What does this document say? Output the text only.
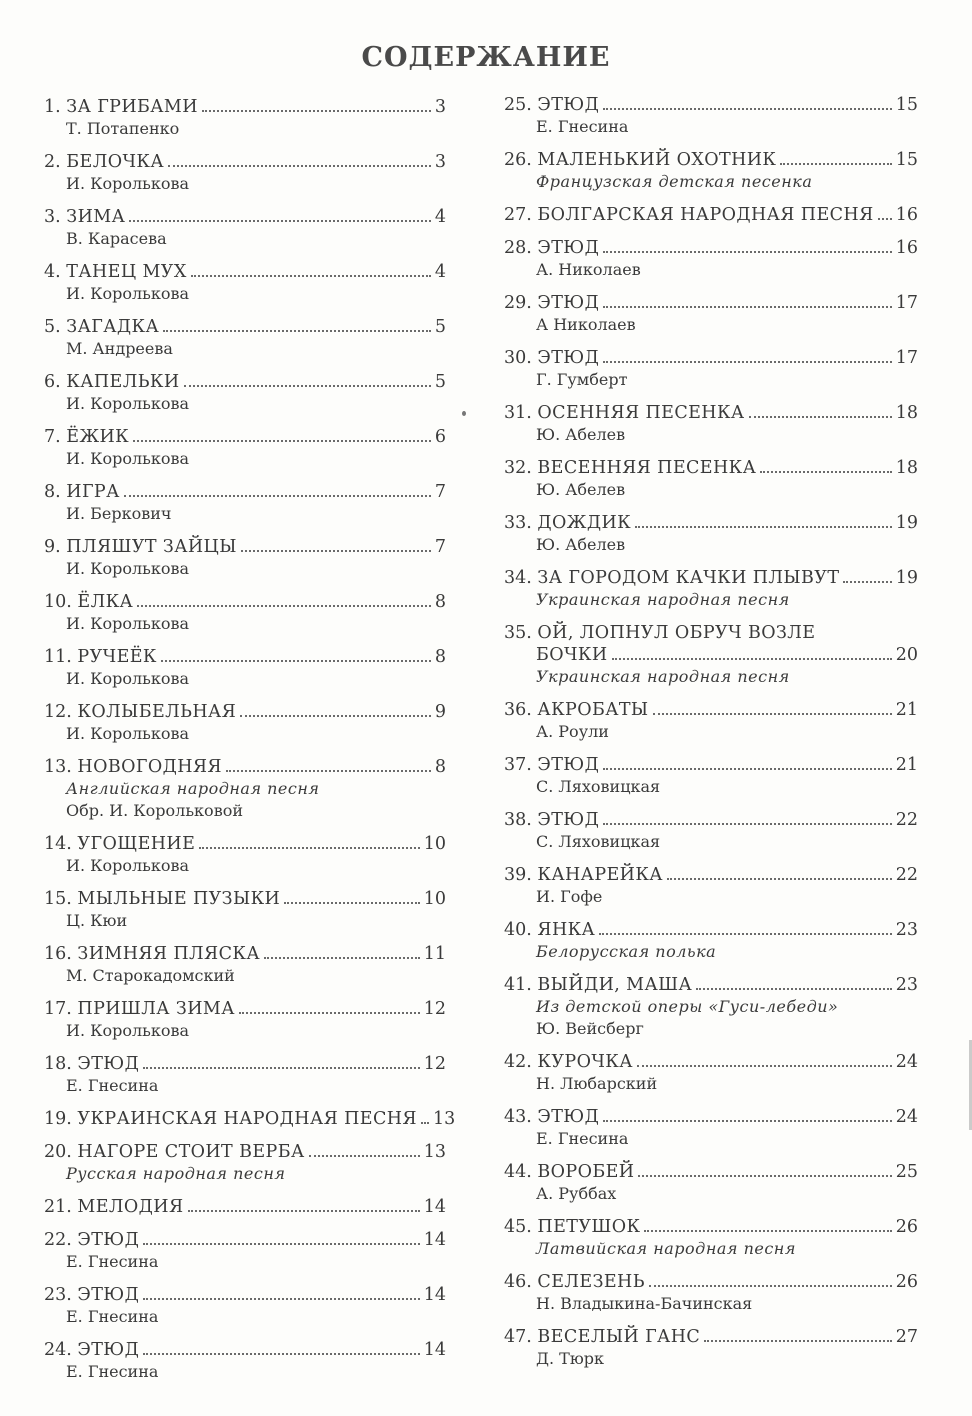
СОДЕРЖАНИЕ
1.
ЗА ГРИБАМИ	3
Т. Потапенко
2.
БЕЛОЧКА	3
И. Королькова
3.
ЗИМА	4
В. Карасева
4.
ТАНЕЦ МУХ	4
И. Королькова
5.
ЗАГАДКА	5
М. Андреева
6.
КАПЕЛЬКИ	5
И. Королькова
7.
ЁЖИК	6
И. Королькова
8.
ИГРА	7
И. Беркович
9.
ПЛЯШУТ ЗАЙЦЫ	7
И. Королькова
10.
ЁЛКА	8
И. Королькова
11.
РУЧЕЁК	8
И. Королькова
12.
КОЛЫБЕЛЬНАЯ	9
И. Королькова
13.
НОВОГОДНЯЯ	8
Английская народная песня
Обр. И. Корольковой
14.
УГОЩЕНИЕ	10
И. Королькова
15.
МЫЛЬНЫЕ ПУЗЫКИ	10
Ц. Кюи
16.
ЗИМНЯЯ ПЛЯСКА	11
М. Старокадомский
17.
ПРИШЛА ЗИМА	12
И. Королькова
18.
ЭТЮД	12
Е. Гнесина
19.
УКРАИНСКАЯ НАРОДНАЯ ПЕСНЯ 13
20.
НАГОРЕ СТОИТ ВЕРБА	13
Русская народная песня
21.
МЕЛОДИЯ	14
22.
ЭТЮД	14
Е. Гнесина
23.
ЭТЮД	14
Е. Гнесина
24.
ЭТЮД	14
Е. Гнесина
25.
ЭТЮД	15
Е. Гнесина
26.
МАЛЕНЬКИЙ ОХОТНИК	15
Французская детская песенка
27.
БОЛГАРСКАЯ НАРОДНАЯ ПЕСНЯ 16
28.
ЭТЮД	16
А. Николаев
29.
ЭТЮД	17
А Николаев
30.
ЭТЮД	17
Г. Гумберт
31.
ОСЕННЯЯ ПЕСЕНКА	18
Ю. Абелев
32.
ВЕСЕННЯЯ ПЕСЕНКА	18
Ю. Абелев
33.
ДОЖДИК	19
Ю. Абелев
34.
ЗА ГОРОДОМ КАЧКИ ПЛЫВУТ	19
Украинская народная песня
35.
ОЙ, ЛОПНУЛ ОБРУЧ ВОЗЛЕ
БОЧКИ	20
Украинская народная песня
36.
АКРОБАТЫ	21
А. Роули
37.
ЭТЮД	21
С. Ляховицкая
38.
ЭТЮД	22
С. Ляховицкая
39.
КАНАРЕЙКА	22
И. Гофе
40.
ЯНКА	23
Белорусская полька
41.
ВЫЙДИ, МАША	23
Из детской оперы «Гуси-лебеди»
Ю. Вейсберг
42.
КУРОЧКА	24
Н. Любарский
43.
ЭТЮД	24
Е. Гнесина
44.
ВОРОБЕЙ	25
А. Руббах
45.
ПЕТУШОК	26
Латвийская народная песня
46.
СЕЛЕЗЕНЬ	26
Н. Владыкина-Бачинская
47.
ВЕСЕЛЫЙ ГАНС	27
Д. Тюрк
